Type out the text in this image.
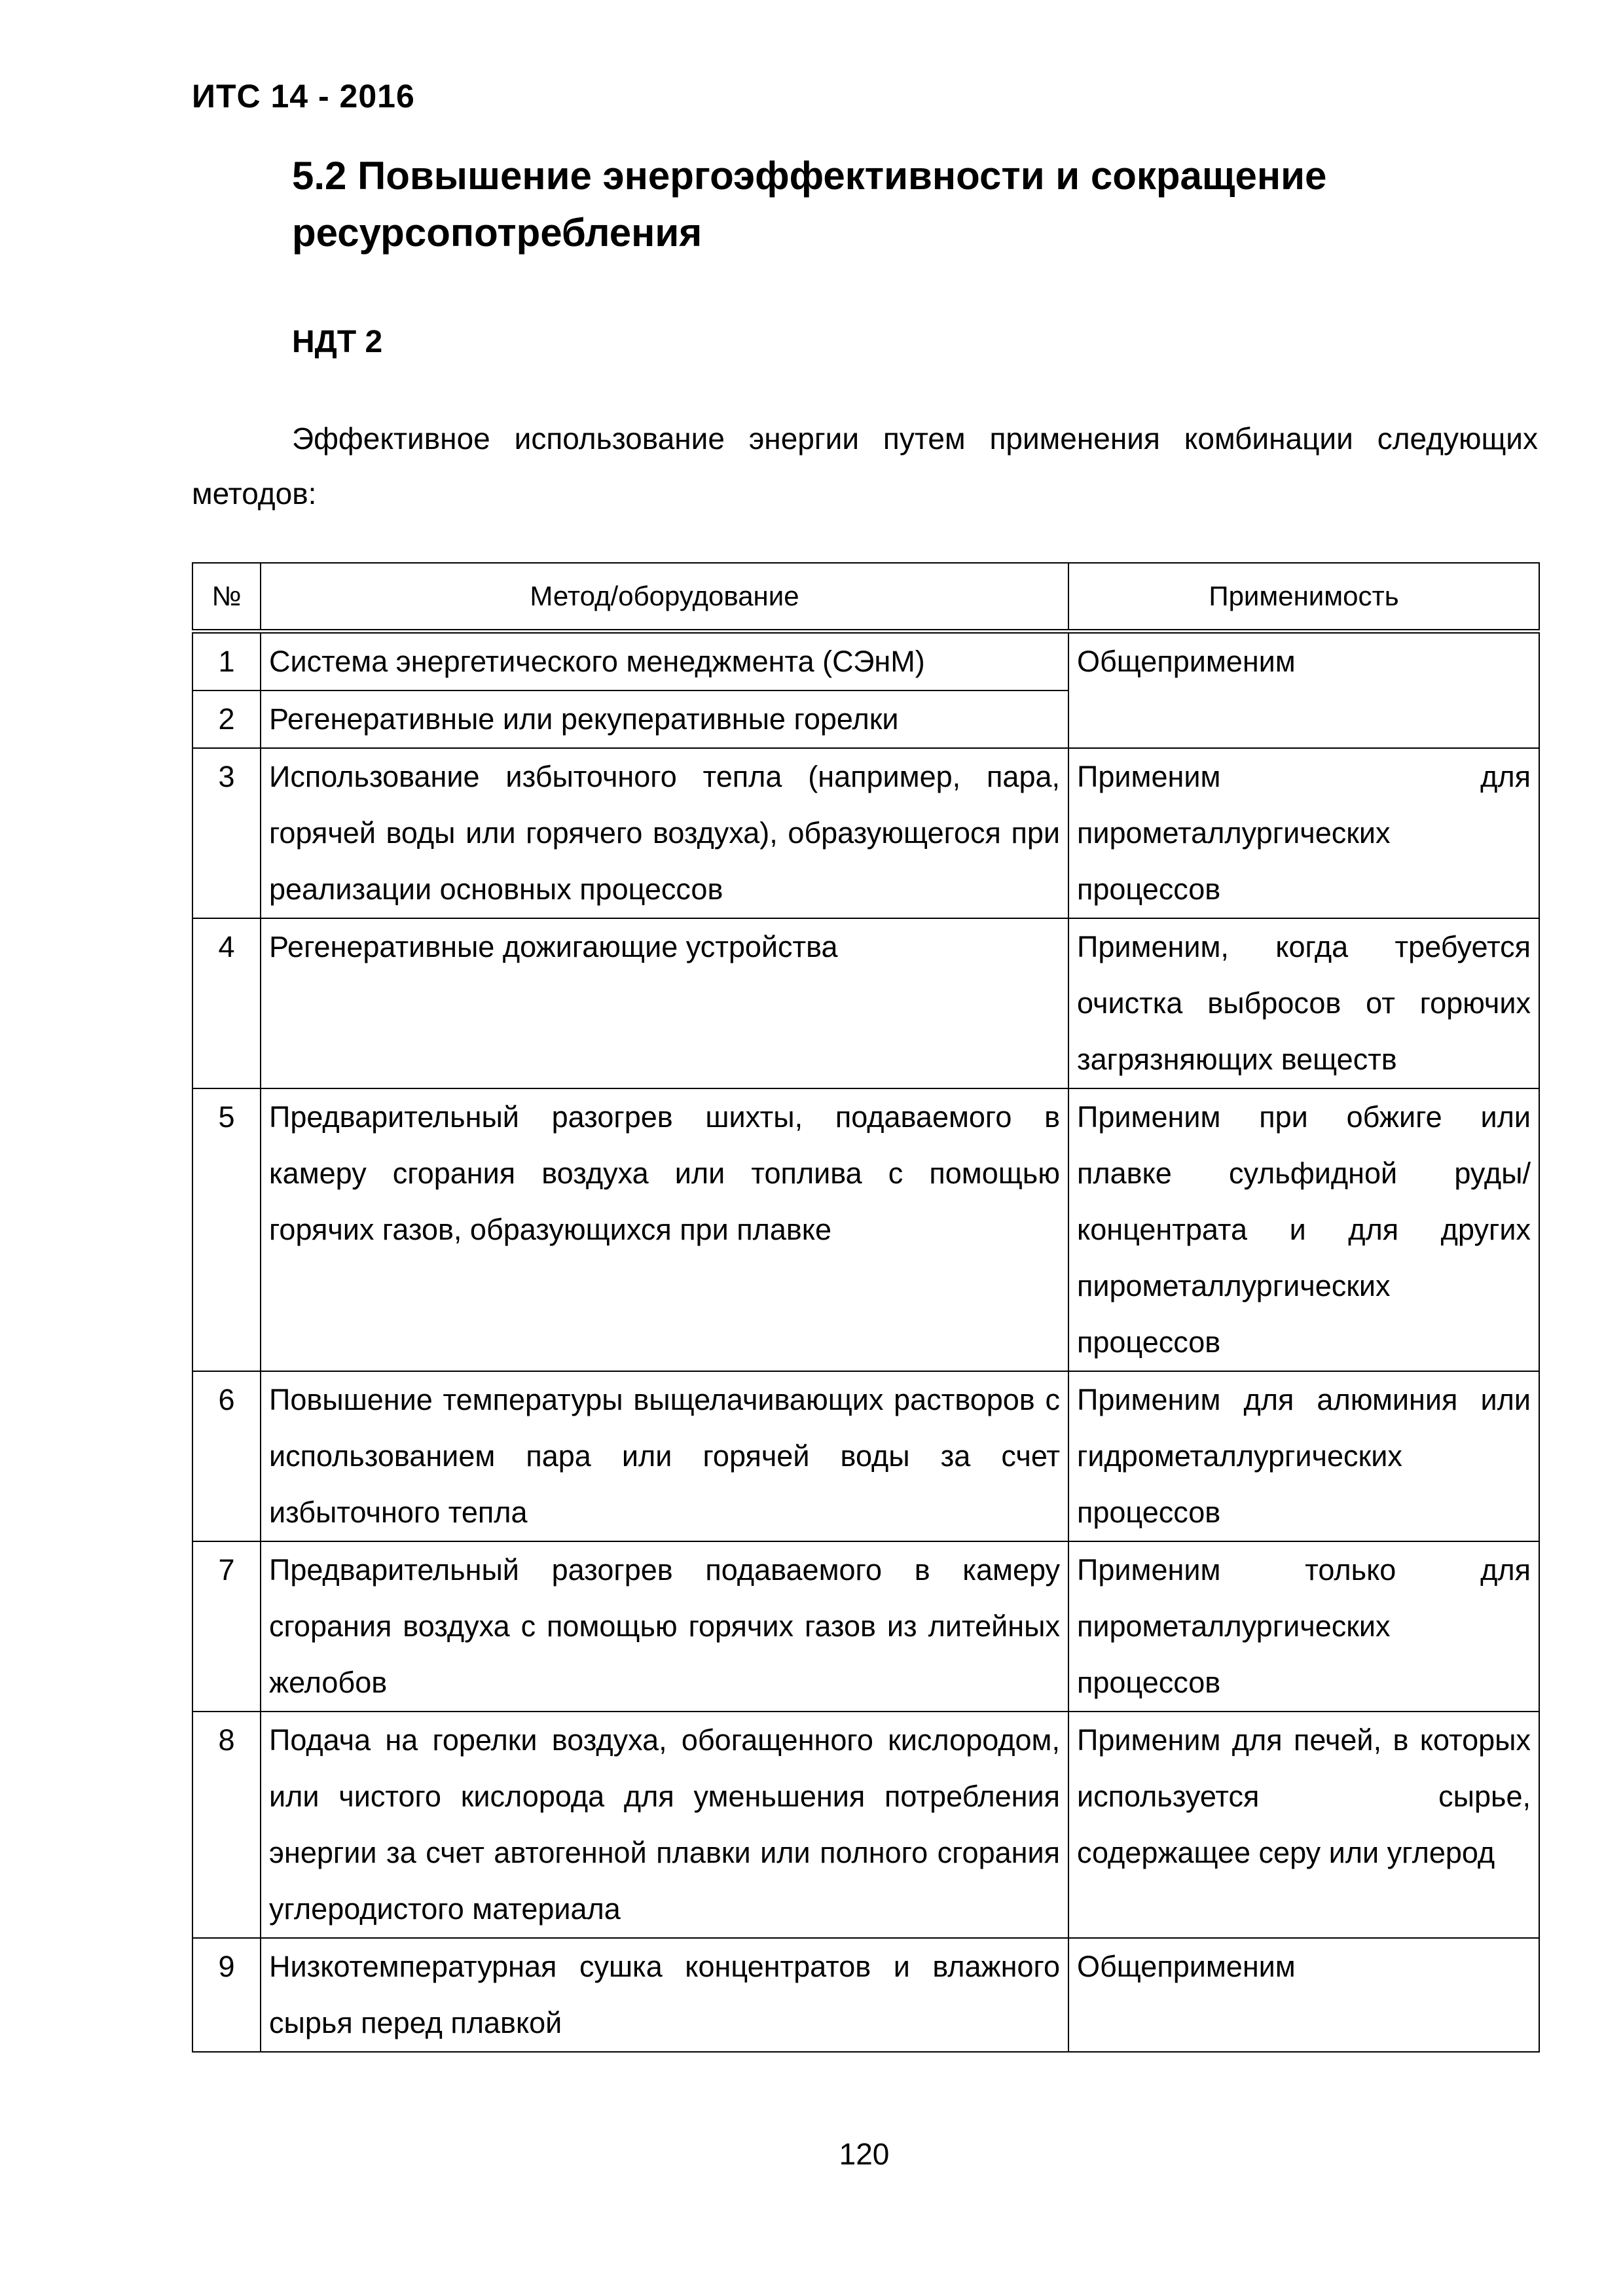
ИТС 14 - 2016
5.2 Повышение энергоэффективности и сокращение ресурсопотребления
НДТ 2

Эффективное использование энергии путем применения комбинации следующих методов:

№	Метод/оборудование	Применимость
1	Система энергетического менеджмента (СЭнМ)	Общеприменим
2	Регенеративные или рекуперативные горелки	
3	Использование избыточного тепла (например, пара, горячей воды или горячего воздуха), образующегося при реализации основных процессов	Применим для пирометаллургических процессов
4	Регенеративные дожигающие устройства	Применим, когда требуется очистка выбросов от горючих загрязняющих веществ
5	Предварительный разогрев шихты, подаваемого в камеру сгорания воздуха или топлива с помощью горячих газов, образующихся при плавке	Применим при обжиге или плавке сульфидной руды/концентрата и для других пирометаллургических процессов
6	Повышение температуры выщелачивающих растворов с использованием пара или горячей воды за счет избыточного тепла	Применим для алюминия или гидрометаллургических процессов
7	Предварительный разогрев подаваемого в камеру сгорания воздуха с помощью горячих газов из литейных желобов	Применим только для пирометаллургических процессов
8	Подача на горелки воздуха, обогащенного кислородом, или чистого кислорода для уменьшения потребления энергии за счет автогенной плавки или полного сгорания углеродистого материала	Применим для печей, в которых используется сырье, содержащее серу или углерод
9	Низкотемпературная сушка концентратов и влажного сырья перед плавкой	Общеприменим
120
